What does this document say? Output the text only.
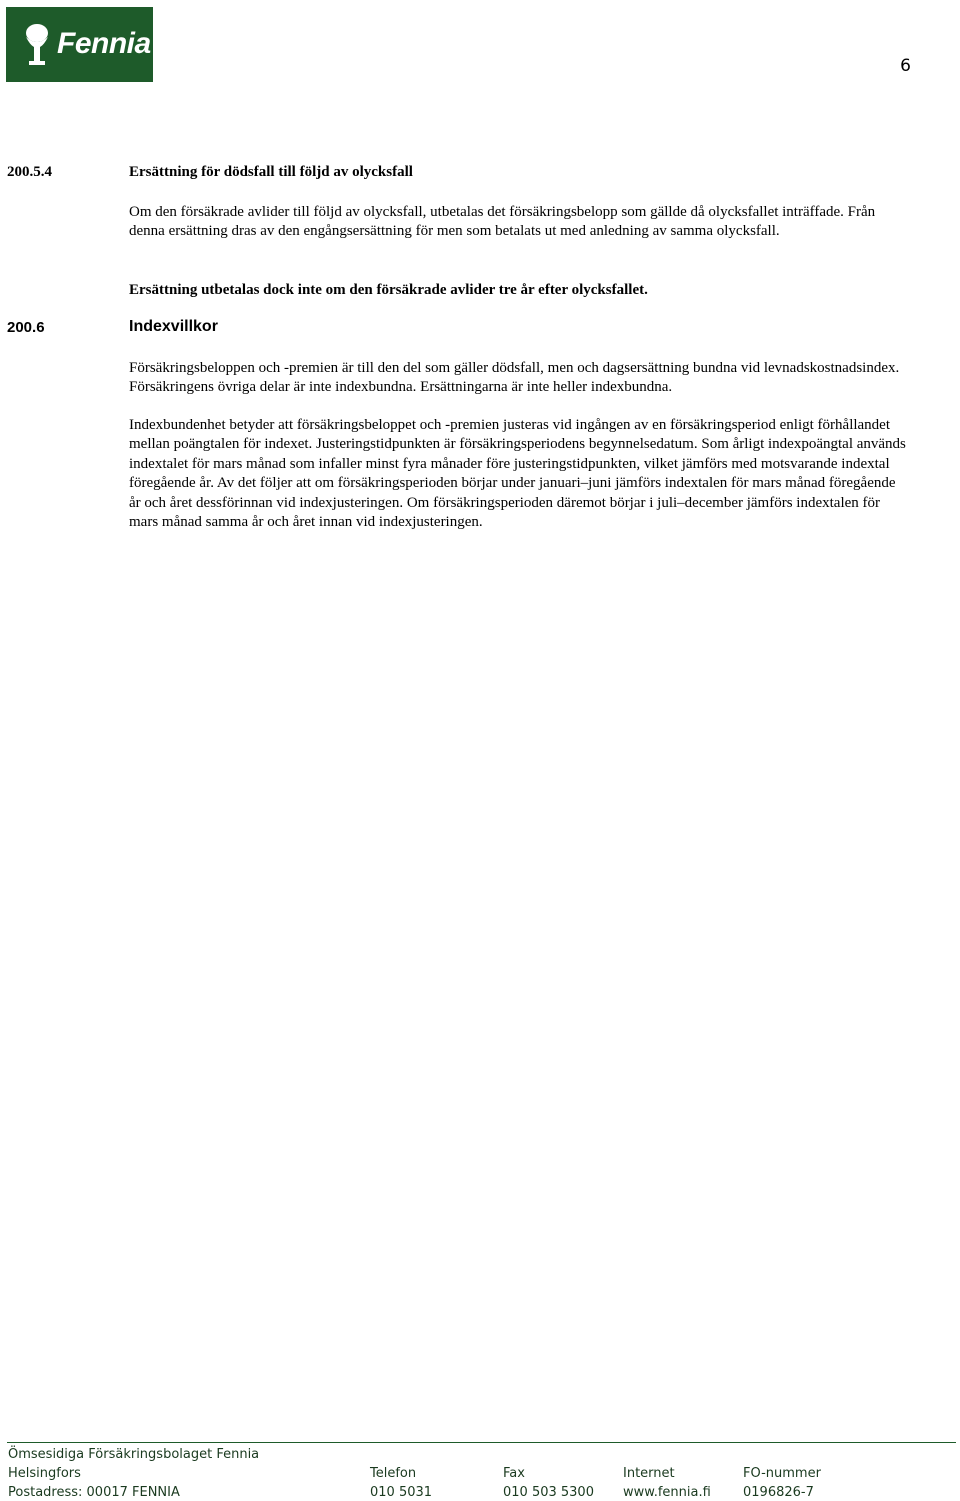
Fennia
6
200.5.4	Ersättning för dödsfall till följd av olycksfall
Om den försäkrade avlider till följd av olycksfall, utbetalas det försäkringsbelopp som gällde då olycksfallet inträffade. Från denna ersättning dras av den engångsersättning för men som betalats ut med anledning av samma olycksfall.
Ersättning utbetalas dock inte om den försäkrade avlider tre år efter olycksfallet.
200.6	Indexvillkor
Försäkringsbeloppen och -premien är till den del som gäller dödsfall, men och dagsersättning bundna vid levnadskostnadsindex. Försäkringens övriga delar är inte indexbundna. Ersättningarna är inte heller indexbundna.
Indexbundenhet betyder att försäkringsbeloppet och -premien justeras vid ingången av en försäkringsperiod enligt förhållandet mellan poängtalen för indexet. Justeringstidpunkten är försäkringsperiodens begynnelsedatum. Som årligt indexpoängtal används indextalet för mars månad som infaller minst fyra månader före justeringstidpunkten, vilket jämförs med motsvarande indextal föregående år. Av det följer att om försäkringsperioden börjar under januari–juni jämförs indextalen för mars månad föregående år och året dessförinnan vid indexjusteringen. Om försäkringsperioden däremot börjar i juli–december jämförs indextalen för mars månad samma år och året innan vid indexjusteringen.
Ömsesidiga Försäkringsbolaget Fennia
Helsingfors
Postadress: 00017 FENNIA
Telefon
010 5031
Fax
010 503 5300
Internet
www.fennia.fi
FO-nummer
0196826-7
